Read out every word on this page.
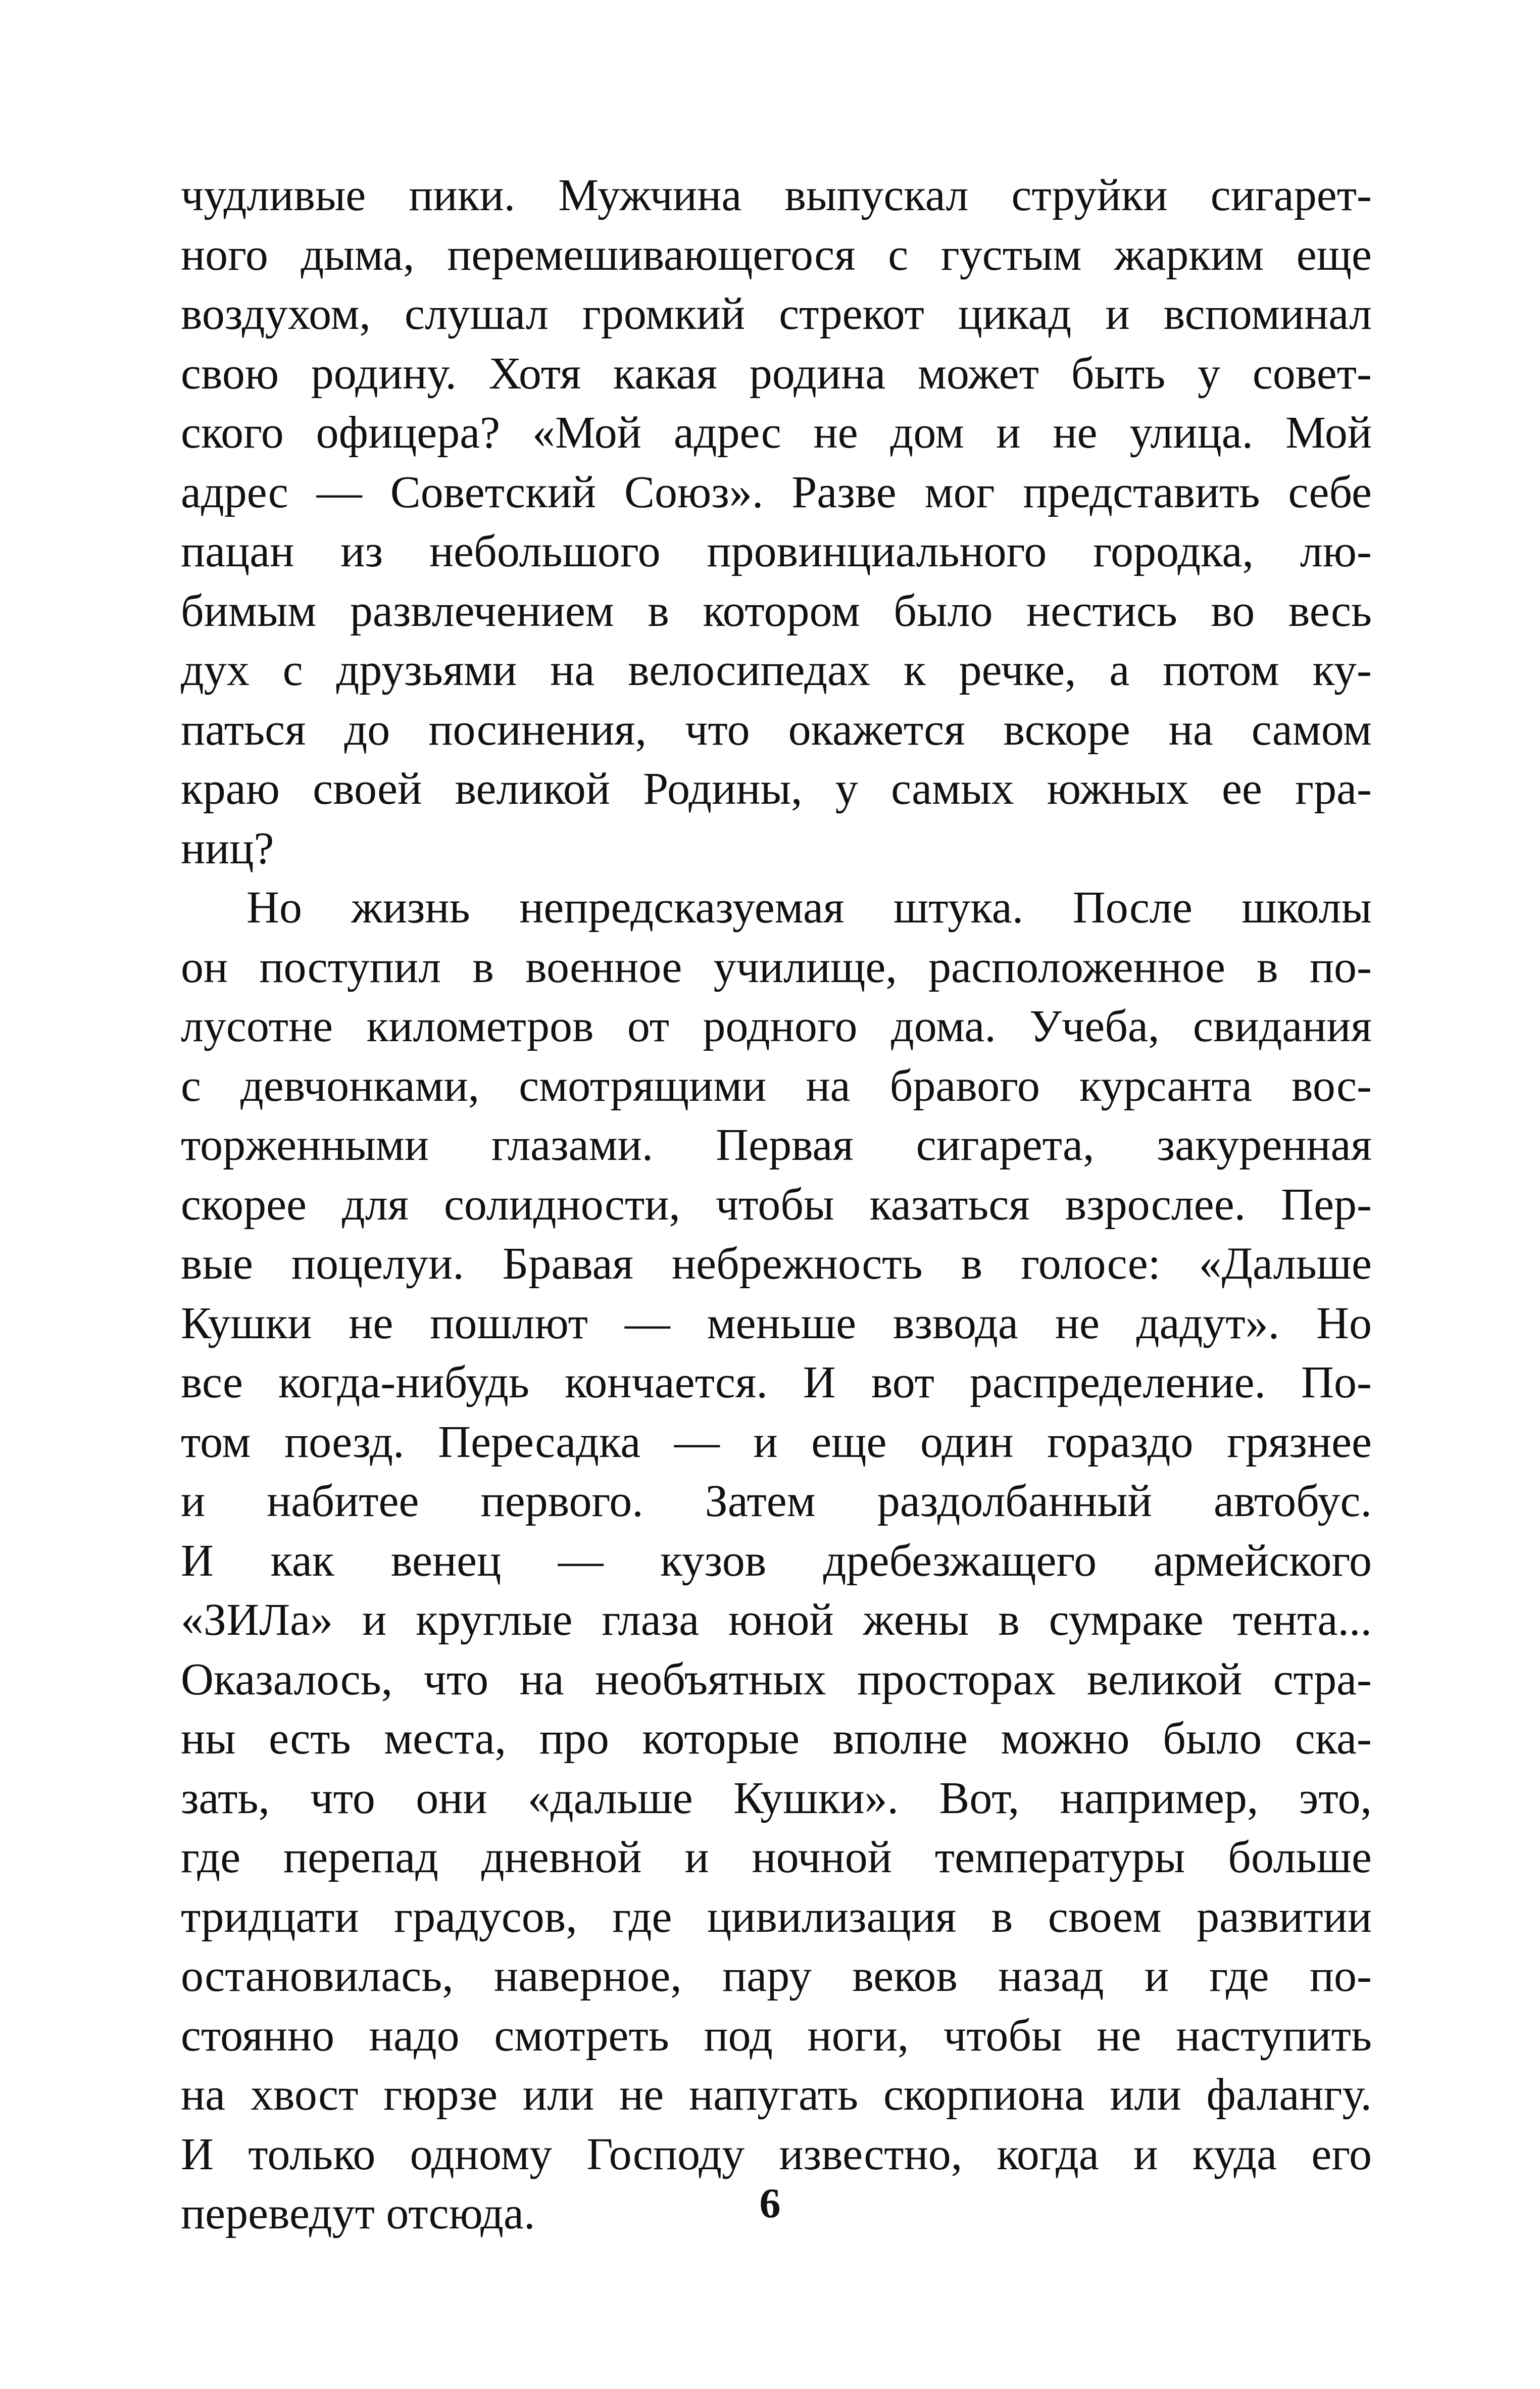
чудливые пики. Мужчина выпускал струйки сигарет-
ного дыма, перемешивающегося с густым жарким еще
воздухом, слушал громкий стрекот цикад и вспоминал
свою родину. Хотя какая родина может быть у совет-
ского офицера? «Мой адрес не дом и не улица. Мой
адрес — Советский Союз». Разве мог представить себе
пацан из небольшого провинциального городка, лю-
бимым развлечением в котором было нестись во весь
дух с друзьями на велосипедах к речке, а потом ку-
паться до посинения, что окажется вскоре на самом
краю своей великой Родины, у самых южных ее гра-
ниц?
Но жизнь непредсказуемая штука. После школы
он поступил в военное училище, расположенное в по-
лусотне километров от родного дома. Учеба, свидания
с девчонками, смотрящими на бравого курсанта вос-
торженными глазами. Первая сигарета, закуренная
скорее для солидности, чтобы казаться взрослее. Пер-
вые поцелуи. Бравая небрежность в голосе: «Дальше
Кушки не пошлют — меньше взвода не дадут». Но
все когда-нибудь кончается. И вот распределение. По-
том поезд. Пересадка — и еще один гораздо грязнее
и набитее первого. Затем раздолбанный автобус.
И как венец — кузов дребезжащего армейского
«ЗИЛа» и круглые глаза юной жены в сумраке тента...
Оказалось, что на необъятных просторах великой стра-
ны есть места, про которые вполне можно было ска-
зать, что они «дальше Кушки». Вот, например, это,
где перепад дневной и ночной температуры больше
тридцати градусов, где цивилизация в своем развитии
остановилась, наверное, пару веков назад и где по-
стоянно надо смотреть под ноги, чтобы не наступить
на хвост гюрзе или не напугать скорпиона или фалангу.
И только одному Господу известно, когда и куда его
переведут отсюда.	6
